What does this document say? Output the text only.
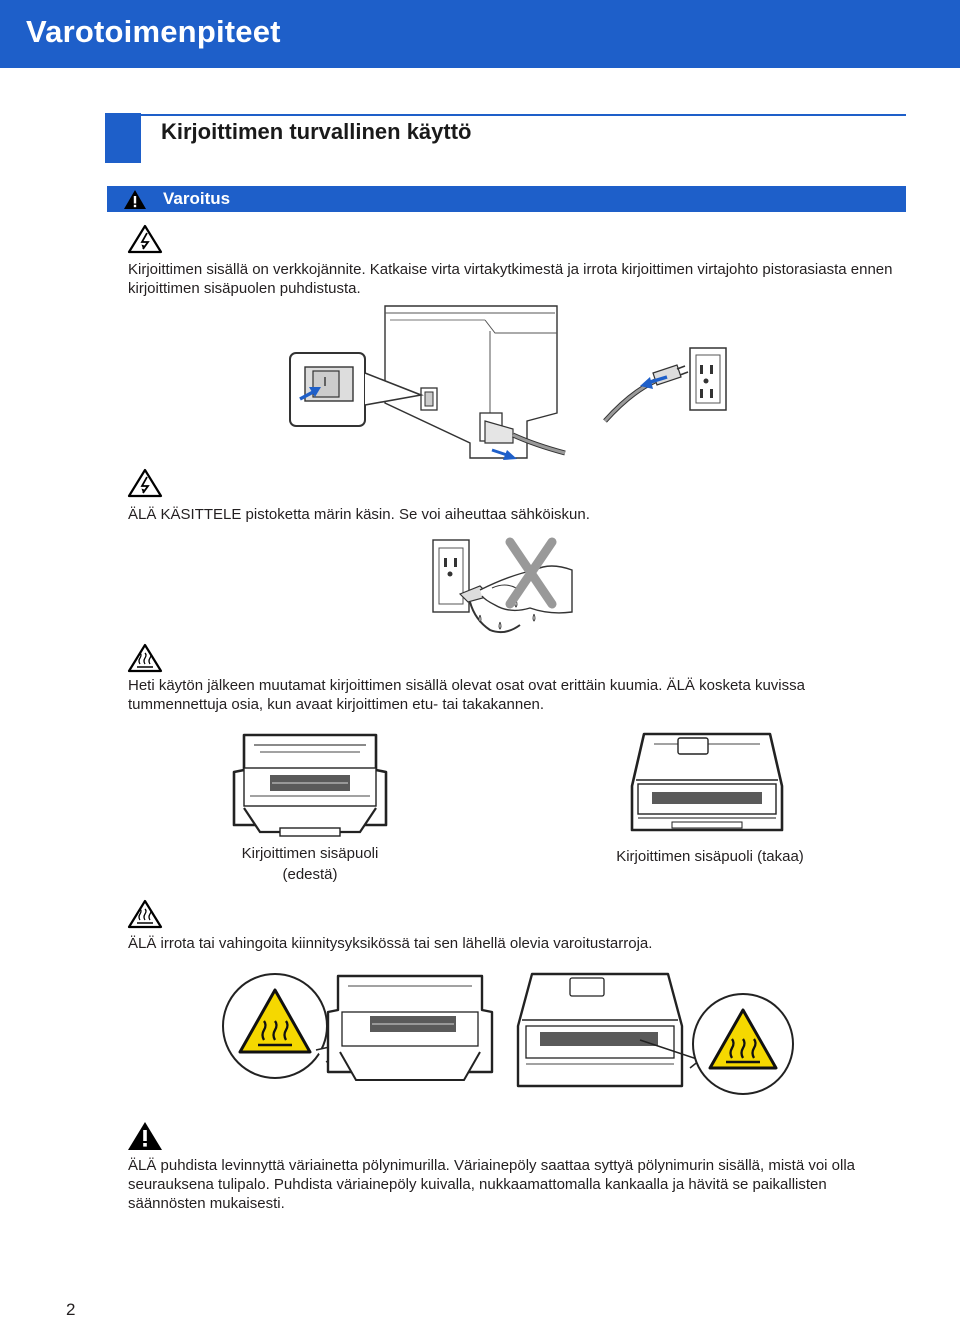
Varotoimenpiteet
Kirjoittimen turvallinen käyttö
Varoitus
Kirjoittimen sisällä on verkkojännite. Katkaise virta virtakytkimestä ja irrota kirjoittimen virtajohto pistorasiasta ennen kirjoittimen sisäpuolen puhdistusta.
ÄLÄ KÄSITTELE pistoketta märin käsin. Se voi aiheuttaa sähköiskun.
Heti käytön jälkeen muutamat kirjoittimen sisällä olevat osat ovat erittäin kuumia. ÄLÄ kosketa kuvissa tummennettuja osia, kun avaat kirjoittimen etu- tai takakannen.
Kirjoittimen sisäpuoli (edestä)
Kirjoittimen sisäpuoli (takaa)
ÄLÄ irrota tai vahingoita kiinnitysyksikössä tai sen lähellä olevia varoitustarroja.
ÄLÄ puhdista levinnyttä väriainetta pölynimurilla. Väriainepöly saattaa syttyä pölynimurin sisällä, mistä voi olla seurauksena tulipalo. Puhdista väriainepöly kuivalla, nukkaamattomalla kankaalla ja hävitä se paikallisten säännösten mukaisesti.
2
